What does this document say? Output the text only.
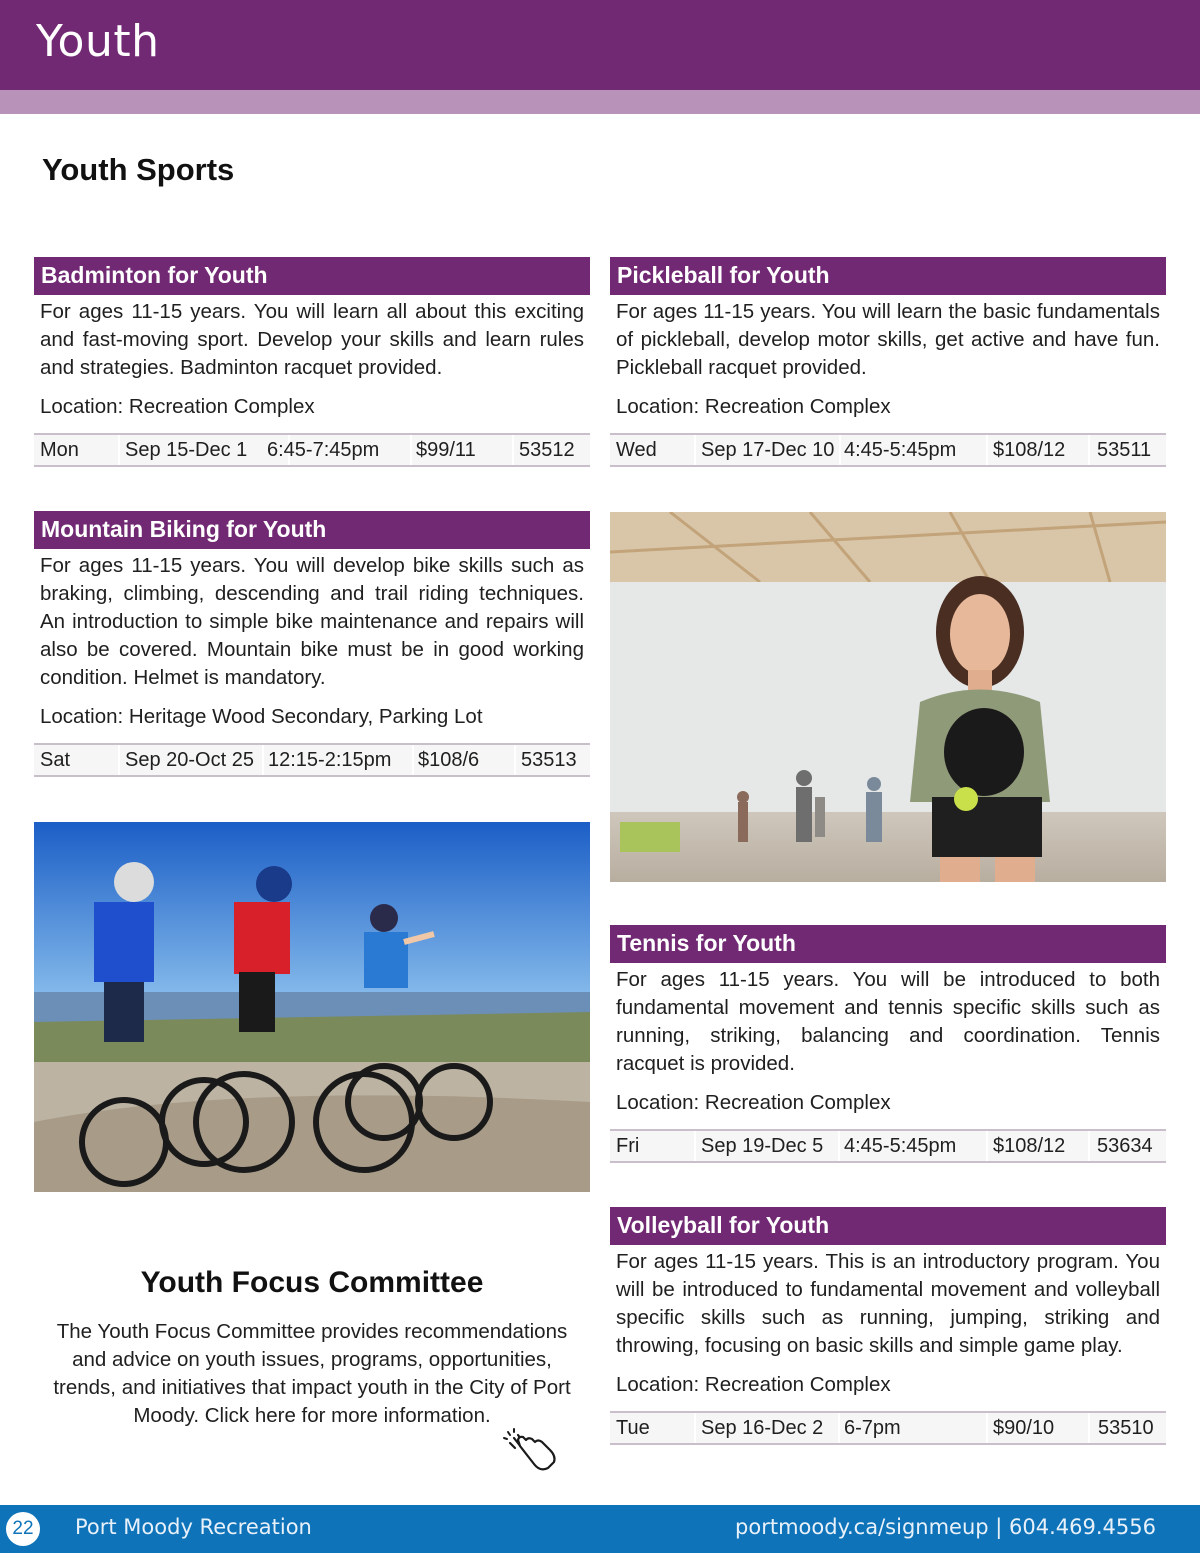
Youth
Youth Sports
Badminton for Youth
For ages 11-15 years. You will learn all about this exciting and fast-moving sport. Develop your skills and learn rules and strategies. Badminton racquet provided.
Location: Recreation Complex
Mon Sep 15-Dec 1 6:45-7:45pm $99/11 53512
Pickleball for Youth
For ages 11-15 years. You will learn the basic fundamentals of pickleball, develop motor skills, get active and have fun. Pickleball racquet provided.
Location: Recreation Complex
Wed Sep 17-Dec 10 4:45-5:45pm $108/12 53511
Mountain Biking for Youth
For ages 11-15 years. You will develop bike skills such as braking, climbing, descending and trail riding techniques. An introduction to simple bike maintenance and repairs will also be covered. Mountain bike must be in good working condition. Helmet is mandatory.
Location: Heritage Wood Secondary, Parking Lot
Sat	Sep 20-Oct 25 12:15-2:15pm $108/6 53513
Tennis for Youth
For ages 11-15 years. You will be introduced to both fundamental movement and tennis specific skills such as running, striking, balancing and coordination. Tennis racquet is provided.
Location: Recreation Complex
Fri	Sep 19-Dec 5 4:45-5:45pm $108/12 53634
Volleyball for Youth
For ages 11-15 years. This is an introductory program. You will be introduced to fundamental movement and volleyball specific skills such as running, jumping, striking and throwing, focusing on basic skills and simple game play.
Location: Recreation Complex
Tue	Sep 16-Dec 2 6-7pm	$90/10 53510
Youth Focus Committee
The Youth Focus Committee provides recommendations and advice on youth issues, programs, opportunities, trends, and initiatives that impact youth in the City of Port Moody. Click here for more information.
22	Port Moody Recreation	portmoody.ca/signmeup | 604.469.4556
